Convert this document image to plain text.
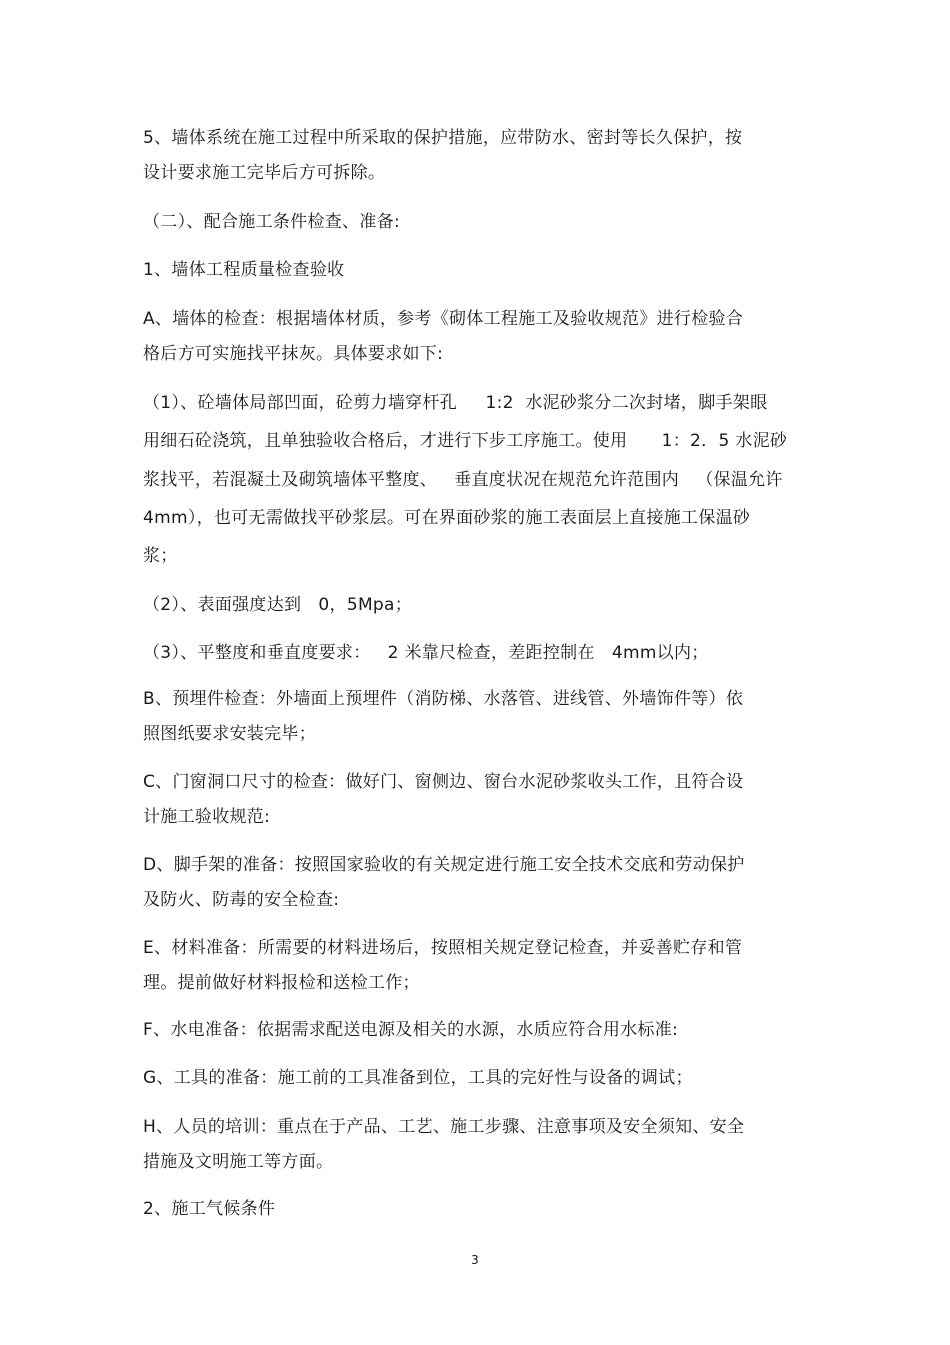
5、墙体系统在施工过程中所采取的保护措施，应带防水、密封等长久保护，按
设计要求施工完毕后方可拆除。
（二）、配合施工条件检查、准备:
1、墙体工程质量检查验收
A、墙体的检查：根据墙体材质，参考《砌体工程施工及验收规范》进行检验合
格后方可实施找平抹灰。具体要求如下:
（1）、砼墙体局部凹面，砼剪力墙穿杆孔     1:2  水泥砂浆分二次封堵，脚手架眼
用细石砼浇筑，且单独验收合格后，才进行下步工序施工。使用      1：2．5 水泥砂
浆找平，若混凝土及砌筑墙体平整度、   垂直度状况在规范允许范围内   （保温允许
4mm），也可无需做找平砂浆层。可在界面砂浆的施工表面层上直接施工保温砂
浆；
（2）、表面强度达到   0，5Mpa；
（3）、平整度和垂直度要求：   2 米靠尺检查，差距控制在   4mm以内；
B、预埋件检查：外墙面上预埋件（消防梯、水落管、进线管、外墙饰件等）依
照图纸要求安装完毕；
C、门窗洞口尺寸的检查：做好门、窗侧边、窗台水泥砂浆收头工作，且符合设
计施工验收规范:
D、脚手架的准备：按照国家验收的有关规定进行施工安全技术交底和劳动保护
及防火、防毒的安全检查:
E、材料准备：所需要的材料进场后，按照相关规定登记检查，并妥善贮存和管
理。提前做好材料报检和送检工作；
F、水电准备：依据需求配送电源及相关的水源，水质应符合用水标准:
G、工具的准备：施工前的工具准备到位，工具的完好性与设备的调试；
H、人员的培训：重点在于产品、工艺、施工步骤、注意事项及安全须知、安全
措施及文明施工等方面。
2、施工气候条件
3
